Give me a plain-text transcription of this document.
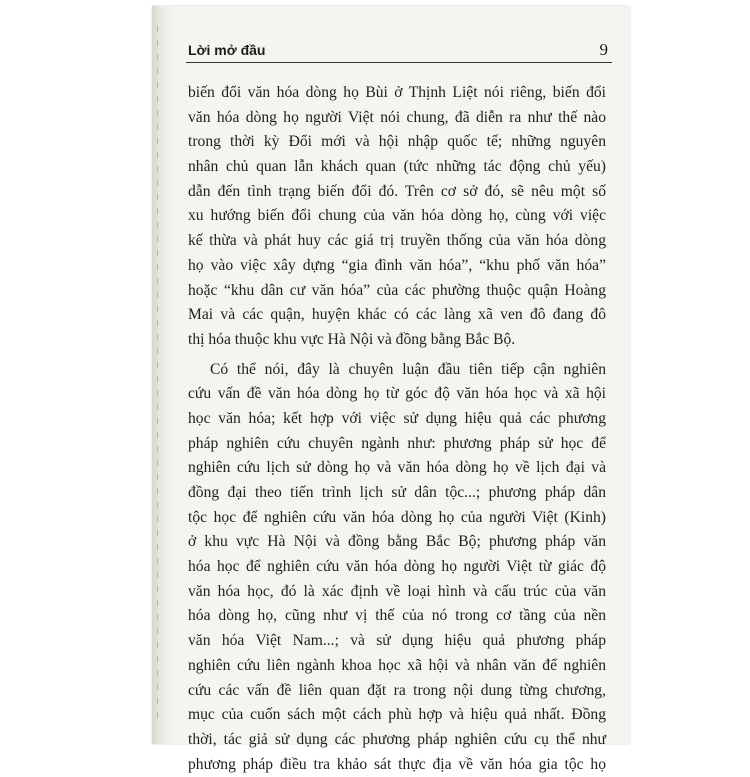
Lời mở đầu	9
biến đổi văn hóa dòng họ Bùi ở Thịnh Liệt nói riêng, biến đổi
văn hóa dòng họ người Việt nói chung, đã diễn ra như thế nào
trong thời kỳ Đổi mới và hội nhập quốc tế; những nguyên
nhân chủ quan lẫn khách quan (tức những tác động chủ yếu)
dẫn đến tình trạng biến đổi đó. Trên cơ sở đó, sẽ nêu một số
xu hướng biến đổi chung của văn hóa dòng họ, cùng với việc
kế thừa và phát huy các giá trị truyền thống của văn hóa dòng
họ vào việc xây dựng “gia đình văn hóa”, “khu phố văn hóa”
hoặc “khu dân cư văn hóa” của các phường thuộc quận Hoàng
Mai và các quận, huyện khác có các làng xã ven đô đang đô
thị hóa thuộc khu vực Hà Nội và đồng bằng Bắc Bộ.
Có thể nói, đây là chuyên luận đầu tiên tiếp cận nghiên
cứu vấn đề văn hóa dòng họ từ góc độ văn hóa học và xã hội
học văn hóa; kết hợp với việc sử dụng hiệu quả các phương
pháp nghiên cứu chuyên ngành như: phương pháp sử học để
nghiên cứu lịch sử dòng họ và văn hóa dòng họ về lịch đại và
đồng đại theo tiến trình lịch sử dân tộc...; phương pháp dân
tộc học để nghiên cứu văn hóa dòng họ của người Việt (Kinh)
ở khu vực Hà Nội và đồng bằng Bắc Bộ; phương pháp văn
hóa học để nghiên cứu văn hóa dòng họ người Việt từ giác độ
văn hóa học, đó là xác định về loại hình và cấu trúc của văn
hóa dòng họ, cũng như vị thế của nó trong cơ tầng của nền
văn hóa Việt Nam...; và sử dụng hiệu quả phương pháp
nghiên cứu liên ngành khoa học xã hội và nhân văn để nghiên
cứu các vấn đề liên quan đặt ra trong nội dung từng chương,
mục của cuốn sách một cách phù hợp và hiệu quả nhất. Đồng
thời, tác giả sử dụng các phương pháp nghiên cứu cụ thể như
phương pháp điều tra khảo sát thực địa về văn hóa gia tộc họ
